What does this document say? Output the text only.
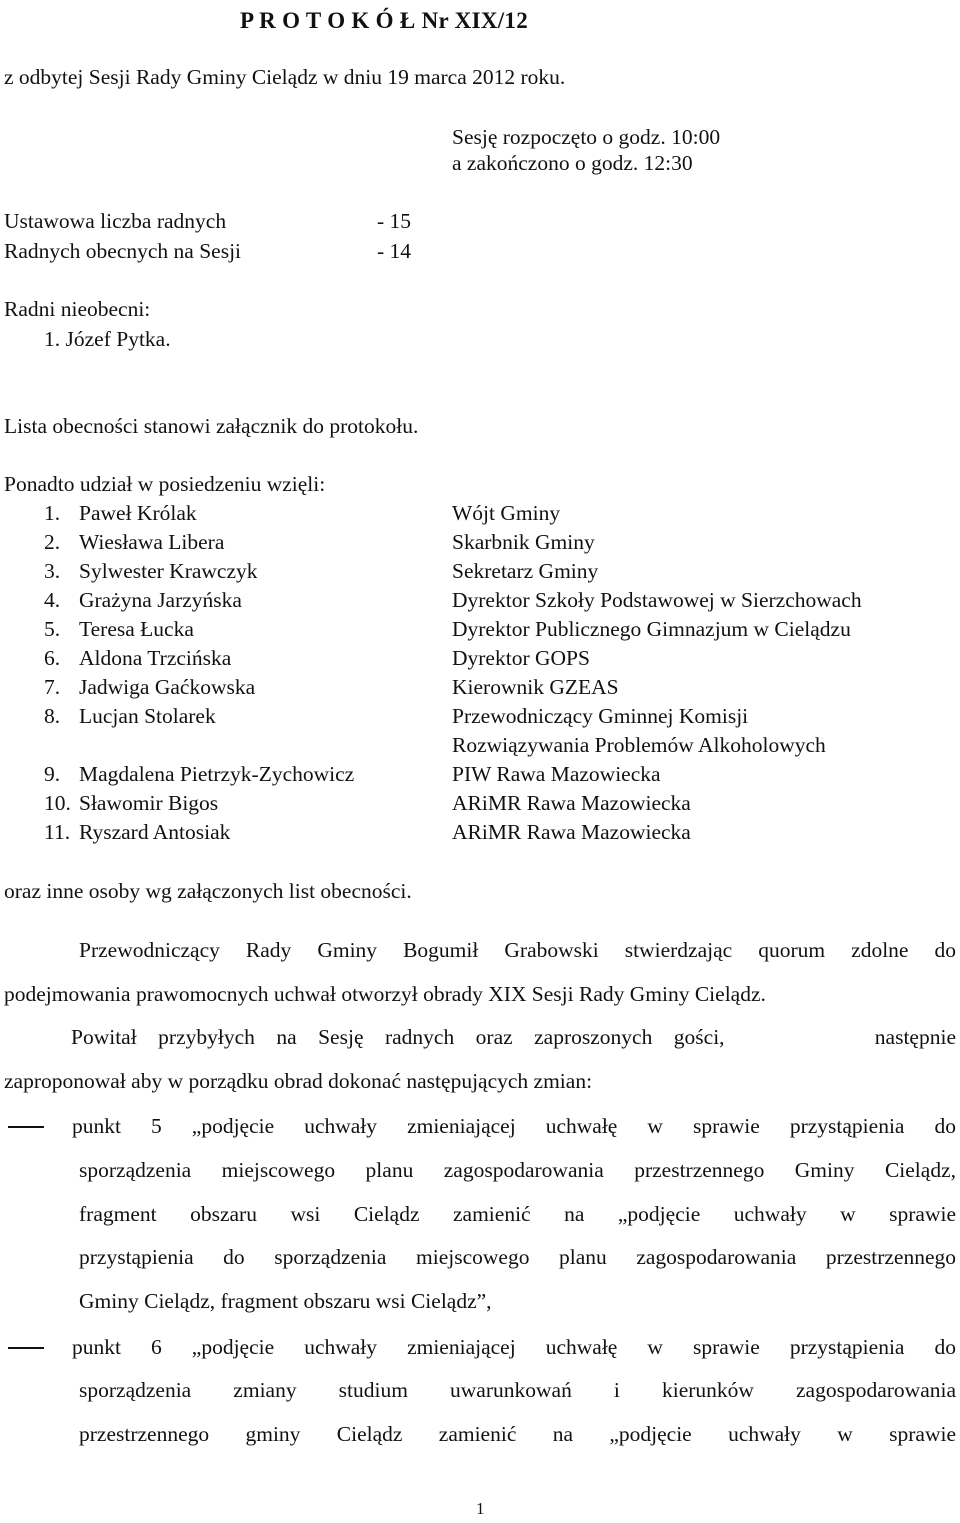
P R O T O K Ó Ł Nr XIX/12
z odbytej Sesji Rady Gminy Cielądz w dniu 19 marca 2012 roku.
Sesję rozpoczęto o godz. 10:00
a zakończono o godz. 12:30
Ustawowa liczba radnych	- 15
Radnych obecnych na Sesji	- 14
Radni nieobecni:
1. Józef Pytka.
Lista obecności stanowi załącznik do protokołu.
Ponadto udział w posiedzeniu wzięli:
1. Paweł Królak	Wójt Gminy
2. Wiesława Libera	Skarbnik Gminy
3. Sylwester Krawczyk	Sekretarz Gminy
4. Grażyna Jarzyńska	Dyrektor Szkoły Podstawowej w Sierzchowach
5. Teresa Łucka	Dyrektor Publicznego Gimnazjum w Cielądzu
6. Aldona Trzcińska	Dyrektor GOPS
7. Jadwiga Gaćkowska	Kierownik GZEAS
8. Lucjan Stolarek	Przewodniczący Gminnej Komisji
Rozwiązywania Problemów Alkoholowych
9. Magdalena Pietrzyk-Zychowicz	PIW Rawa Mazowiecka
10. Sławomir Bigos	ARiMR Rawa Mazowiecka
11. Ryszard Antosiak	ARiMR Rawa Mazowiecka
oraz inne osoby wg załączonych list obecności.
Przewodniczący Rady Gminy Bogumił Grabowski stwierdzając quorum zdolne do
podejmowania prawomocnych uchwał otworzył obrady XIX Sesji Rady Gminy Cielądz.
Powitał przybyłych na Sesję radnych oraz zaproszonych gości,       następnie
zaproponował aby w porządku obrad dokonać następujących zmian:
punkt 5 „podjęcie uchwały zmieniającej uchwałę w sprawie przystąpienia do
sporządzenia miejscowego planu zagospodarowania przestrzennego Gminy Cielądz,
fragment obszaru wsi Cielądz zamienić na „podjęcie uchwały w sprawie
przystąpienia do sporządzenia miejscowego planu zagospodarowania przestrzennego
Gminy Cielądz, fragment obszaru wsi Cielądz”,
punkt 6 „podjęcie uchwały zmieniającej uchwałę w sprawie przystąpienia do
sporządzenia zmiany studium uwarunkowań i kierunków zagospodarowania
przestrzennego gminy Cielądz zamienić na „podjęcie uchwały w sprawie
1
